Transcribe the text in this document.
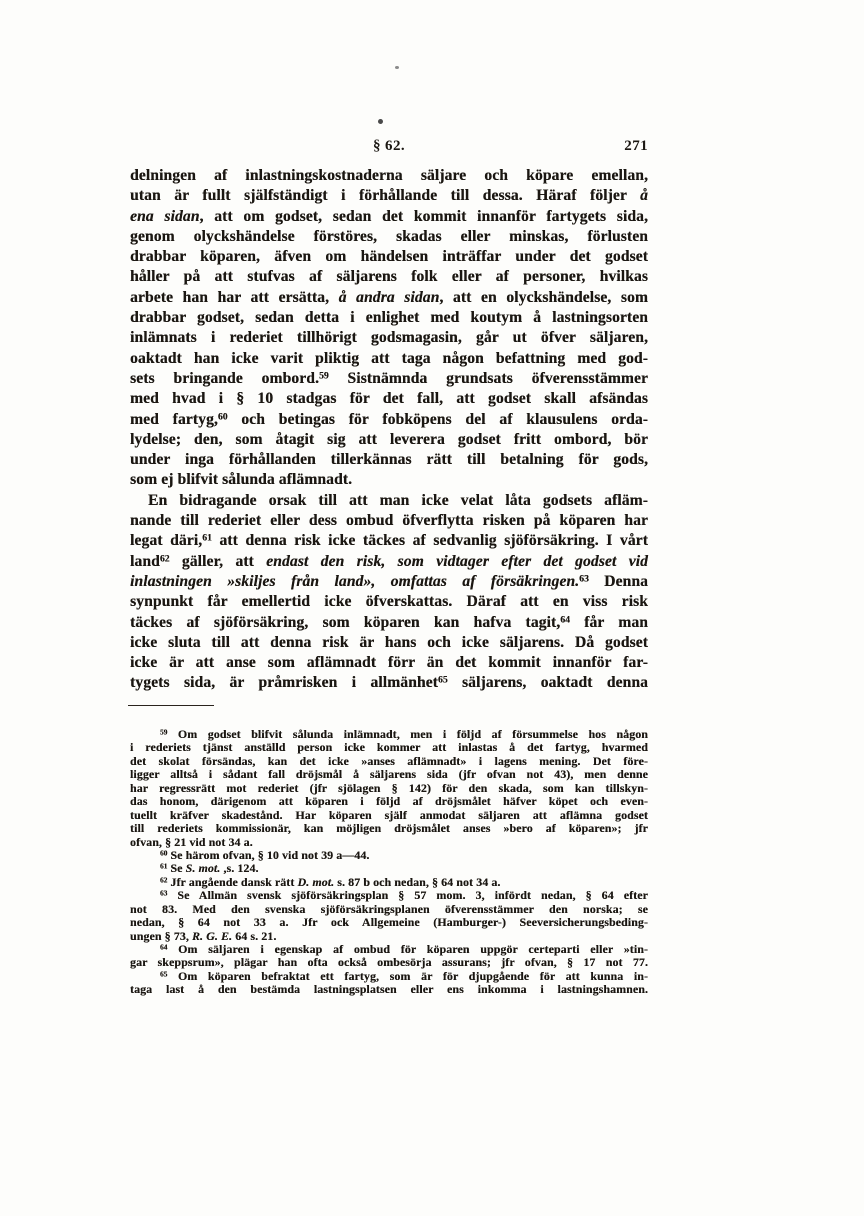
§ 62.	271
delningen af inlastningskostnaderna säljare och köpare emellan,
utan är fullt själfständigt i förhållande till dessa. Häraf följer å
ena sidan, att om godset, sedan det kommit innanför fartygets sida,
genom olyckshändelse förstöres, skadas eller minskas, förlusten
drabbar köparen, äfven om händelsen inträffar under det godset
håller på att stufvas af säljarens folk eller af personer, hvilkas
arbete han har att ersätta, å andra sidan, att en olyckshändelse, som
drabbar godset, sedan detta i enlighet med koutym å lastningsorten
inlämnats i rederiet tillhörigt godsmagasin, går ut öfver säljaren,
oaktadt han icke varit pliktig att taga någon befattning med god-
sets bringande ombord.$^{59}$ Sistnämnda grundsats öfverensstämmer
med hvad i § 10 stadgas för det fall, att godset skall afsändas
med fartyg,$^{60}$ och betingas för fobköpens del af klausulens orda-
lydelse; den, som åtagit sig att leverera godset fritt ombord, bör
under inga förhållanden tillerkännas rätt till betalning för gods,
som ej blifvit sålunda aflämnadt.
En bidragande orsak till att man icke velat låta godsets afläm-
nande till rederiet eller dess ombud öfverflytta risken på köparen har
legat däri,$^{61}$ att denna risk icke täckes af sedvanlig sjöförsäkring. I vårt
land$^{62}$ gäller, att endast den risk, som vidtager efter det godset vid
inlastningen »skiljes från land», omfattas af försäkringen.$^{63}$ Denna
synpunkt får emellertid icke öfverskattas. Däraf att en viss risk
täckes af sjöförsäkring, som köparen kan hafva tagit,$^{64}$ får man
icke sluta till att denna risk är hans och icke säljarens. Då godset
icke är att anse som aflämnadt förr än det kommit innanför far-
tygets sida, är pråmrisken i allmänhet$^{65}$ säljarens, oaktadt denna
$^{59}$ Om godset blifvit sålunda inlämnadt, men i följd af försummelse hos någon
i rederiets tjänst anställd person icke kommer att inlastas å det fartyg, hvarmed
det skolat försändas, kan det icke »anses aflämnadt» i lagens mening. Det före-
ligger alltså i sådant fall dröjsmål å säljarens sida (jfr ofvan not 43), men denne
har regressrätt mot rederiet (jfr sjölagen § 142) för den skada, som kan tillskyn-
das honom, därigenom att köparen i följd af dröjsmålet häfver köpet och even-
tuellt kräfver skadestånd. Har köparen själf anmodat säljaren att aflämna godset
till rederiets kommissionär, kan möjligen dröjsmålet anses »bero af köparen»; jfr
ofvan, § 21 vid not 34 a.
$^{60}$ Se härom ofvan, § 10 vid not 39 a—44.
$^{61}$ Se S. mot. ,s. 124.
$^{62}$ Jfr angående dansk rätt D. mot. s. 87 b och nedan, § 64 not 34 a.
$^{63}$ Se Allmän svensk sjöförsäkringsplan § 57 mom. 3, infördt nedan, § 64 efter
not 83. Med den svenska sjöförsäkringsplanen öfverensstämmer den norska; se
nedan, § 64 not 33 a. Jfr ock Allgemeine (Hamburger-) Seeversicherungsbeding-
ungen § 73, R. G. E. 64 s. 21.
$^{64}$ Om säljaren i egenskap af ombud för köparen uppgör certeparti eller »tin-
gar skeppsrum», plägar han ofta också ombesörja assurans; jfr ofvan, § 17 not 77.
$^{65}$ Om köparen befraktat ett fartyg, som är för djupgående för att kunna in-
taga last å den bestämda lastningsplatsen eller ens inkomma i lastningshamnen.
